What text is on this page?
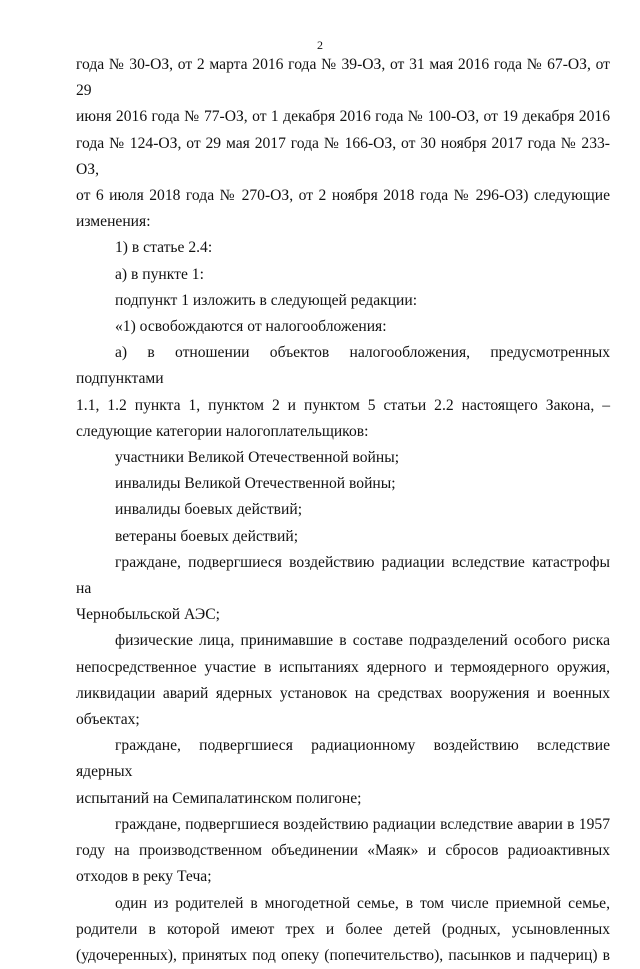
2
года № 30-ОЗ, от 2 марта 2016 года № 39-ОЗ, от 31 мая 2016 года № 67-ОЗ, от 29
июня 2016 года № 77-ОЗ, от 1 декабря 2016 года № 100-ОЗ, от 19 декабря 2016
года № 124-ОЗ, от 29 мая 2017 года № 166-ОЗ, от 30 ноября 2017 года № 233-ОЗ,
от 6 июля 2018 года № 270-ОЗ, от 2 ноября 2018 года № 296-ОЗ) следующие
изменения:

1) в статье 2.4:

а) в пункте 1:

подпункт 1 изложить в следующей редакции:

«1) освобождаются от налогообложения:

а) в отношении объектов налогообложения, предусмотренных подпунктами
1.1, 1.2 пункта 1, пунктом 2 и пунктом 5 статьи 2.2 настоящего Закона, –
следующие категории налогоплательщиков:

участники Великой Отечественной войны;

инвалиды Великой Отечественной войны;

инвалиды боевых действий;

ветераны боевых действий;

граждане, подвергшиеся воздействию радиации вследствие катастрофы на
Чернобыльской АЭС;
физические лица, принимавшие в составе подразделений особого риска
непосредственное участие в испытаниях ядерного и термоядерного оружия,
ликвидации аварий ядерных установок на средствах вооружения и военных
объектах;
граждане, подвергшиеся радиационному воздействию вследствие ядерных
испытаний на Семипалатинском полигоне;
граждане, подвергшиеся воздействию радиации вследствие аварии в 1957
году на производственном объединении «Маяк» и сбросов радиоактивных
отходов в реку Теча;
один из родителей в многодетной семье, в том числе приемной семье,
родители в которой имеют трех и более детей (родных, усыновленных
(удочеренных), принятых под опеку (попечительство), пасынков и падчериц) в
